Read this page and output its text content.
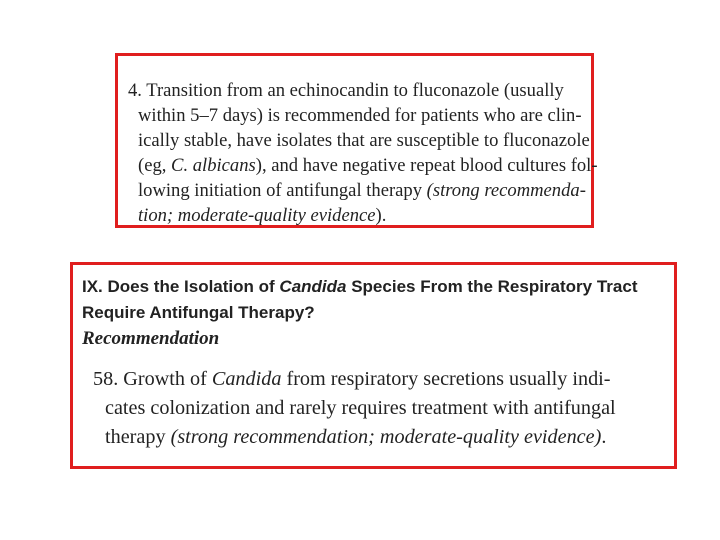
4. Transition from an echinocandin to fluconazole (usually
within 5–7 days) is recommended for patients who are clin-
ically stable, have isolates that are susceptible to fluconazole
(eg, C. albicans), and have negative repeat blood cultures fol-
lowing initiation of antifungal therapy (strong recommenda-
tion; moderate-quality evidence).
IX. Does the Isolation of Candida Species From the Respiratory Tract
Require Antifungal Therapy?
Recommendation
58. Growth of Candida from respiratory secretions usually indi-
cates colonization and rarely requires treatment with antifungal
therapy (strong recommendation; moderate-quality evidence).
